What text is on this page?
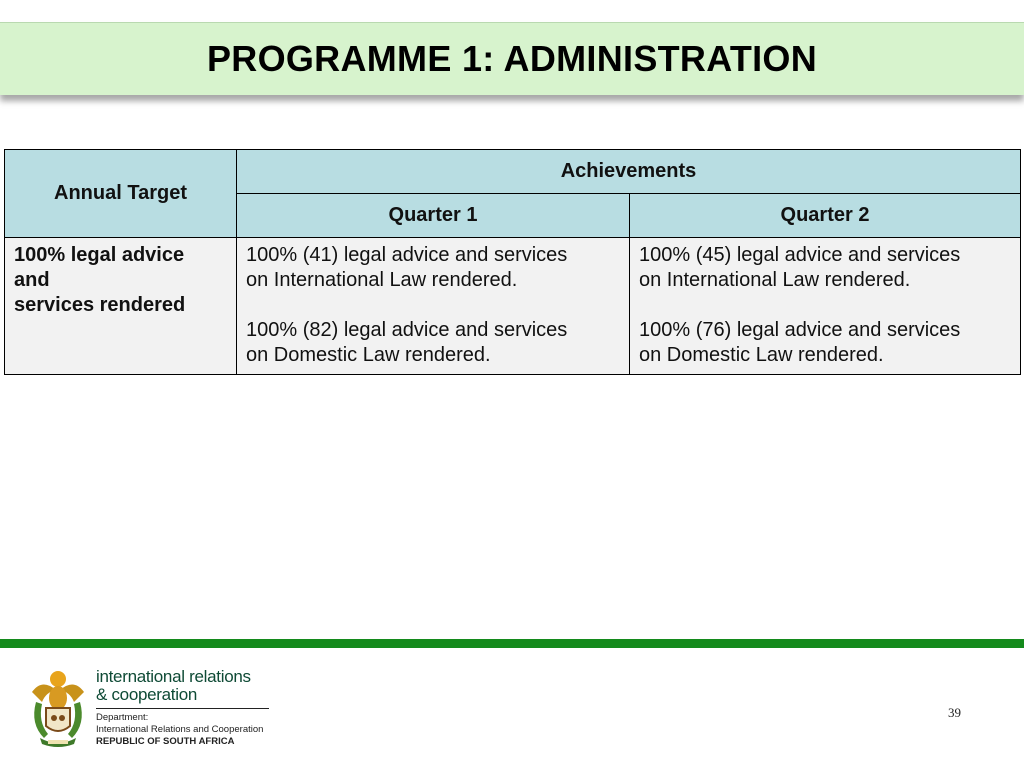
PROGRAMME 1: ADMINISTRATION
Annual Target	Achievements	
	Quarter 1	Quarter 2

100% legal advice
and
services rendered	100% (41) legal advice and services
on International Law rendered.
100% (82) legal advice and services
on Domestic Law rendered.	100% (45) legal advice and services
on International Law rendered.
100% (76) legal advice and services
on Domestic Law rendered.
international relations
& cooperation
Department:
International Relations and Cooperation
REPUBLIC OF SOUTH AFRICA
39
